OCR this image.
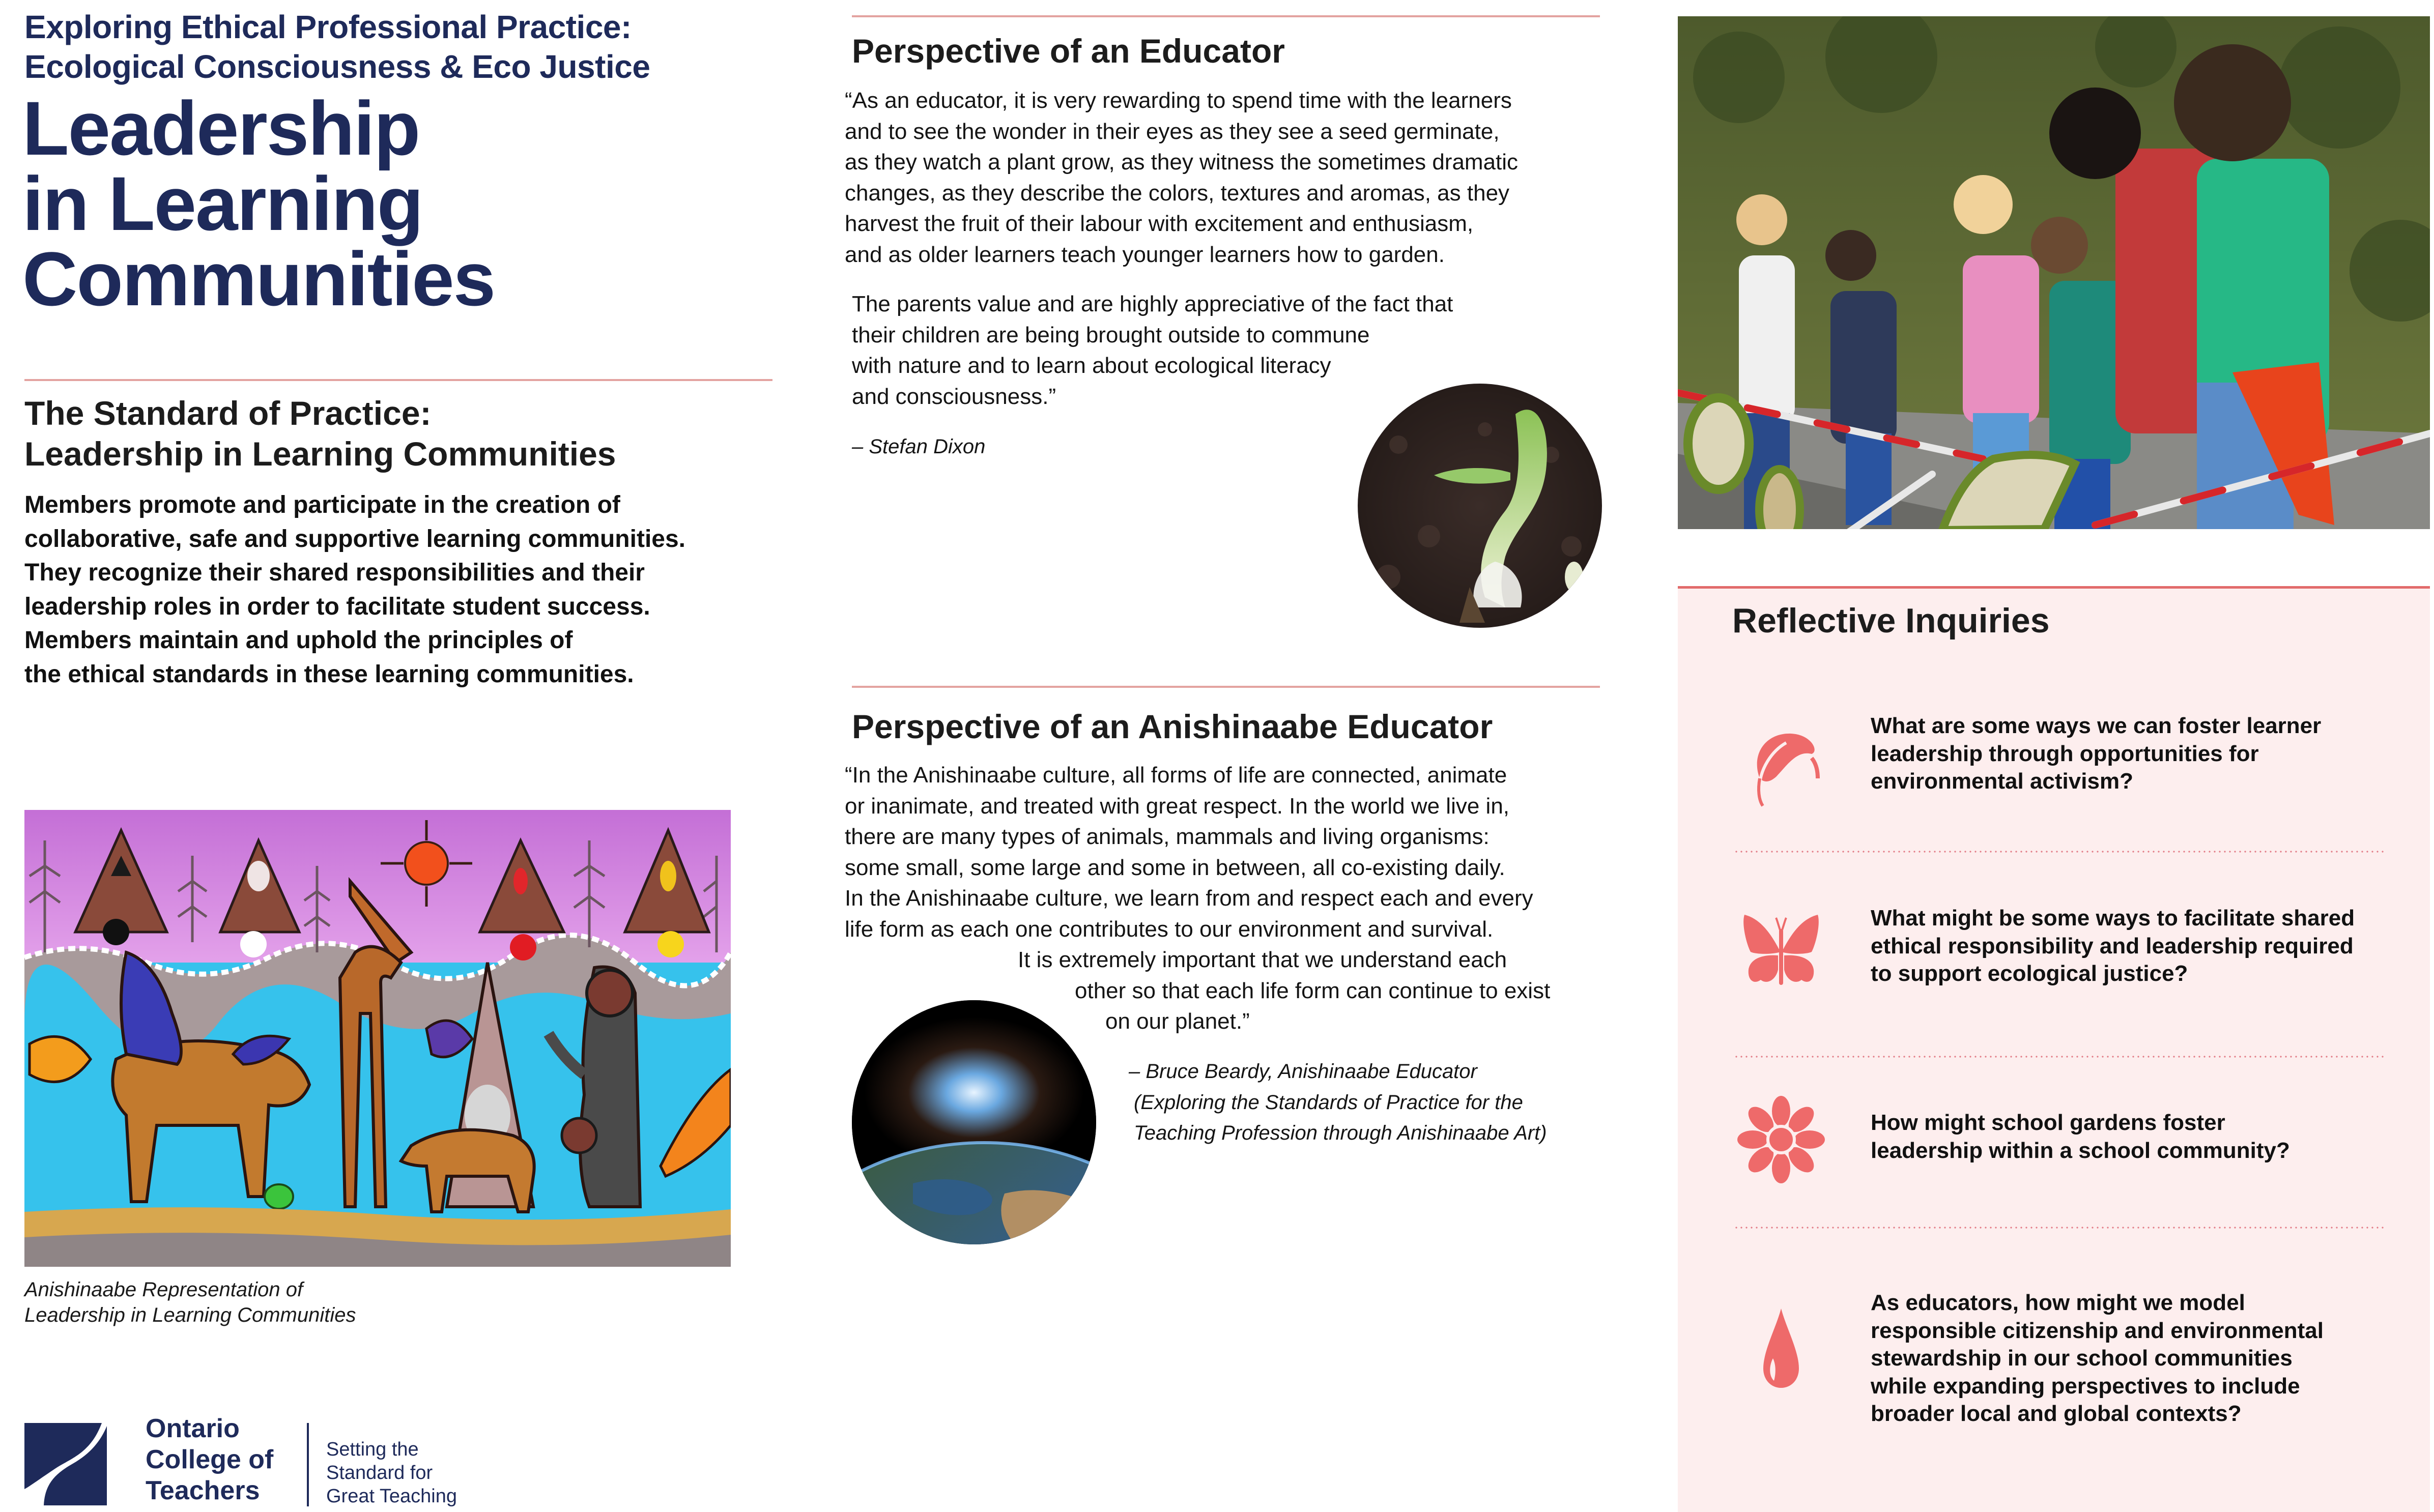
Exploring Ethical Professional Practice:
Ecological Consciousness & Eco Justice
Leadership
in Learning
Communities
The Standard of Practice:
Leadership in Learning Communities
Members promote and participate in the creation of
collaborative, safe and supportive learning communities.
They recognize their shared responsibilities and their
leadership roles in order to facilitate student success.
Members maintain and uphold the principles of
the ethical standards in these learning communities.
Anishinaabe Representation of
Leadership in Learning Communities
Ontario
College of
Teachers
Setting the
Standard for
Great Teaching
Perspective of an Educator
“As an educator, it is very rewarding to spend time with the learners
and to see the wonder in their eyes as they see a seed germinate,
as they watch a plant grow, as they witness the sometimes dramatic
changes, as they describe the colors, textures and aromas, as they
harvest the fruit of their labour with excitement and enthusiasm,
and as older learners teach younger learners how to garden.
The parents value and are highly appreciative of the fact that
their children are being brought outside to commune
with nature and to learn about ecological literacy
and consciousness.”
– Stefan Dixon
Perspective of an Anishinaabe Educator
“In the Anishinaabe culture, all forms of life are connected, animate
or inanimate, and treated with great respect. In the world we live in,
there are many types of animals, mammals and living organisms:
some small, some large and some in between, all co-existing daily.
In the Anishinaabe culture, we learn from and respect each and every
life form as each one contributes to our environment and survival.
It is extremely important that we understand each
other so that each life form can continue to exist
on our planet.”
– Bruce Beardy, Anishinaabe Educator
(Exploring the Standards of Practice for the
Teaching Profession through Anishinaabe Art)
Reflective Inquiries
What are some ways we can foster learner
leadership through opportunities for
environmental activism?
What might be some ways to facilitate shared
ethical responsibility and leadership required
to support ecological justice?
How might school gardens foster
leadership within a school community?
As educators, how might we model
responsible citizenship and environmental
stewardship in our school communities
while expanding perspectives to include
broader local and global contexts?
